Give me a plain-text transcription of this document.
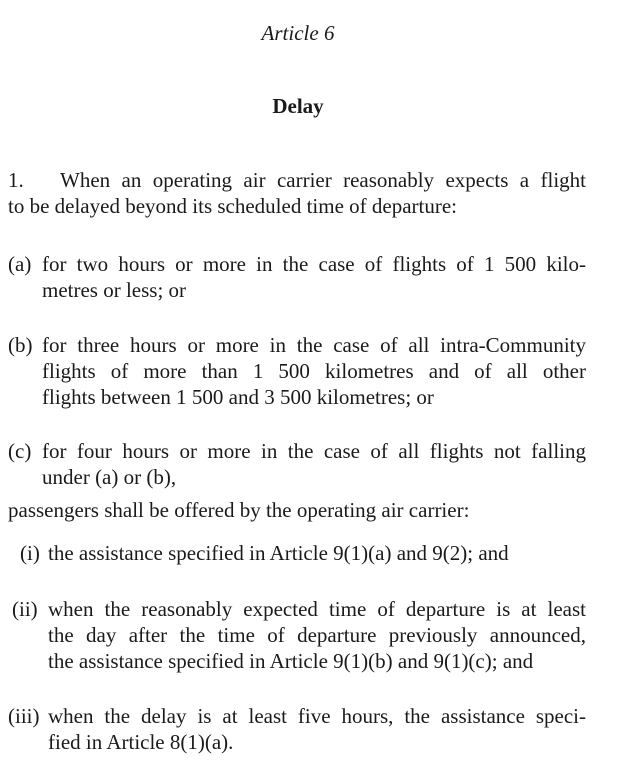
Article 6
Delay
1. When an operating air carrier reasonably expects a flight
to be delayed beyond its scheduled time of departure:
(a) for two hours or more in the case of flights of 1 500 kilo-
metres or less; or
(b) for three hours or more in the case of all intra-Community
flights of more than 1 500 kilometres and of all other
flights between 1 500 and 3 500 kilometres; or
(c) for four hours or more in the case of all flights not falling
under (a) or (b),
passengers shall be offered by the operating air carrier:
(i) the assistance specified in Article 9(1)(a) and 9(2); and
(ii) when the reasonably expected time of departure is at least
the day after the time of departure previously announced,
the assistance specified in Article 9(1)(b) and 9(1)(c); and
(iii) when the delay is at least five hours, the assistance speci-
fied in Article 8(1)(a).
